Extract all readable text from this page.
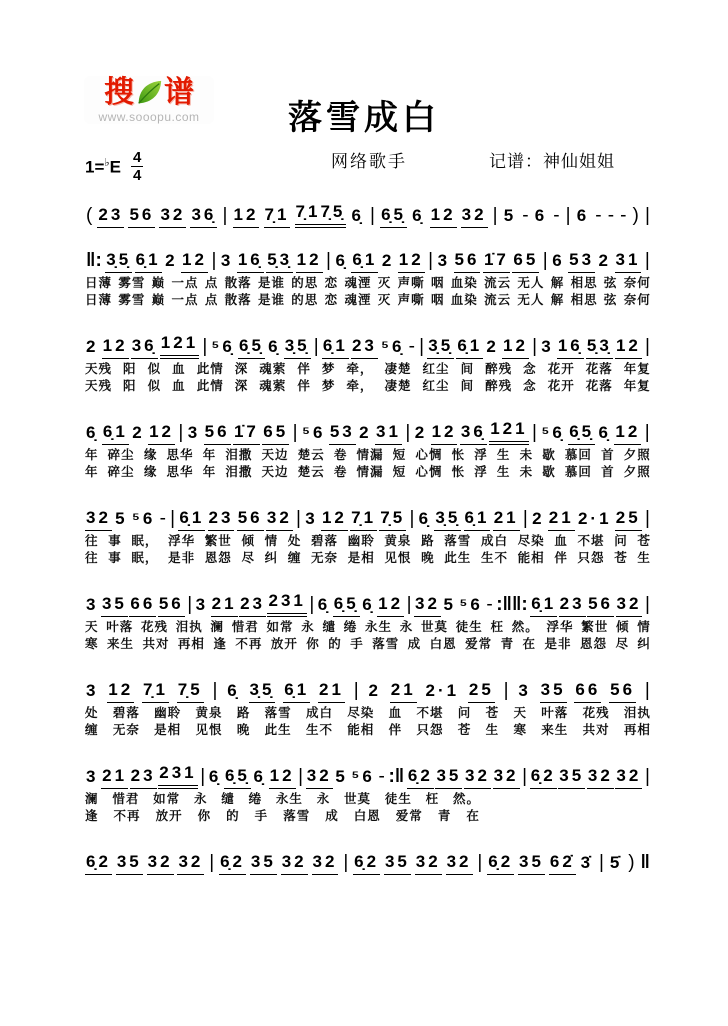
搜 谱
www.sooopu.com	落雪成白
网络歌手	记谱：神仙姐姐
1=♭E 4
4
( 23 56 32 36̣ | 12 7̣1 7̣17̣5̣ 6̣ | 6̣5̣ 6̣ 12 32 | 5 - 6 - | 6 - - - ) |
‖: 3̣5̣ 6̣1 2 12 | 3 16̣ 5̣3̣ 12 | 6̣ 6̣1 2 12 | 3 56 1̇7 65 | 6 53 2 31 |
日薄 雾雪 巅 一点 点 散落 是谁 的思 恋 魂湮 灭 声嘶 咽 血染 流云 无人 解 相思 弦 奈何
日薄 雾雪 巅 一点 点 散落 是谁 的思 恋 魂湮 灭 声嘶 咽 血染 流云 无人 解 相思 弦 奈何
2 12 36̣ 121 | ⁵6̣ 6̣5̣ 6̣ 3̣5̣ | 6̣1 23 ⁵6̣ - | 3̣5̣ 6̣1 2 12 | 3 16̣ 5̣3̣ 12 |
天残 阳 似 血 此情 深 魂萦 伴 梦 牵， 凄楚 红尘 间 醉残 念 花开 花落 年复
天残 阳 似 血 此情 深 魂萦 伴 梦 牵， 凄楚 红尘 间 醉残 念 花开 花落 年复
6̣ 6̣1 2 12 | 3 56 1̇7 65 | ⁵6 53 2 31 | 2 12 36̣ 121 | ⁵6̣ 6̣5̣ 6̣ 12 |
年 碎尘 缘 思华 年 泪撒 天边 楚云 卷 情漏 短 心惆 怅 浮 生 未 歇 慕回 首 夕照
年 碎尘 缘 思华 年 泪撒 天边 楚云 卷 情漏 短 心惆 怅 浮 生 未 歇 慕回 首 夕照
32 5 ⁵6 - | 6̣1 23 56 32 | 3 12 7̣1 7̣5 | 6̣ 3̣5̣ 6̣1 21 | 2 21 2·1 25 |
往 事 眠， 浮华 繁世 倾 情 处 碧落 幽聆 黄泉 路 落雪 成白 尽染 血 不堪 问 苍
往 事 眠， 是非 恩怨 尽 纠 缠 无奈 是相 见恨 晚 此生 生不 能相 伴 只怨 苍 生
3 35 66 56 | 3 21 23 231 | 6̣ 6̣5̣ 6̣ 12 | 32 5 ⁵6 - :‖‖: 6̣1 23 56 32 |
天 叶落 花残 泪执 澜 惜君 如常 永 缱 绻 永生 永 世莫 徒生 枉 然。 浮华 繁世 倾 情
寒 来生 共对 再相 逢 不再 放开 你 的 手 落雪 成 白恩 爱常 青 在 是非 恩怨 尽 纠
3 12 7̣1 7̣5 | 6̣ 3̣5̣ 6̣1 21 | 2 21 2·1 25 | 3 35 66 56 |
处 碧落 幽聆 黄泉 路 落雪 成白 尽染 血 不堪 问 苍 天 叶落 花残 泪执
缠 无奈 是相 见恨 晚 此生 生不 能相 伴 只怨 苍 生 寒 来生 共对 再相
3 21 23 231 | 6̣ 6̣5̣ 6̣ 12 | 32 5 ⁵6 - :‖ 6̣2 35 32 32 | 6̣2 35 32 32 |
澜 惜君 如常 永 缱 绻 永生 永 世莫 徒生 枉 然。
逢 不再 放开 你 的 手 落雪 成 白恩 爱常 青 在
6̣2 35 32 32 | 6̣2 35 32 32 | 6̣2 35 32 32 | 6̣2 35 62̇ 3̇ | 5̇ ) ‖
